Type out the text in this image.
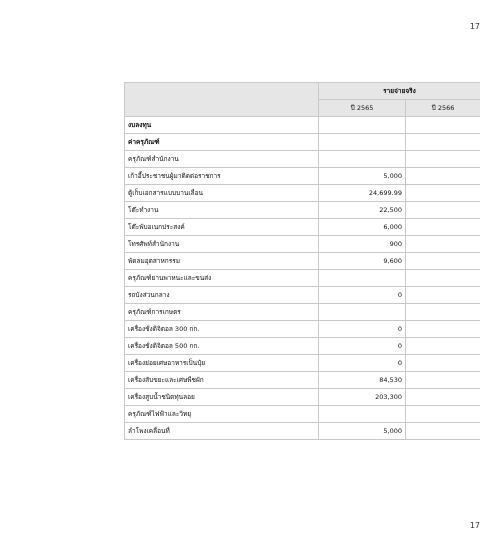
17
	รายจ่ายจริง	
	ปี 2565	ปี 2566
งบลงทุน		
ค่าครุภัณฑ์		
ครุภัณฑ์สำนักงาน		
เก้าอี้ประชาชนผู้มาติดต่อราชการ	5,000	
ตู้เก็บเอกสารแบบบานเลื่อน	24,699.99	
โต๊ะทำงาน	22,500	
โต๊ะพับอเนกประสงค์	6,000	
โทรศัพท์สำนักงาน	900	
พัดลมอุตสาหกรรม	9,600	
ครุภัณฑ์ยานพาหนะและขนส่ง		
รถบังส่วนกลาง	0	
ครุภัณฑ์การเกษตร		
เครื่องชั่งดิจิตอล 300 กก.	0	
เครื่องชั่งดิจิตอล 500 กก.	0	
เครื่องย่อยเศษอาหารเป็นปุ๋ย	0	
เครื่องสับขยะและเศษพืชผัก	84,530	
เครื่องสูบน้ำชนิดทุ่นลอย	203,300	
ครุภัณฑ์ไฟฟ้าและวิทยุ		
ลำโพงเคลื่อนที่	5,000	
17
